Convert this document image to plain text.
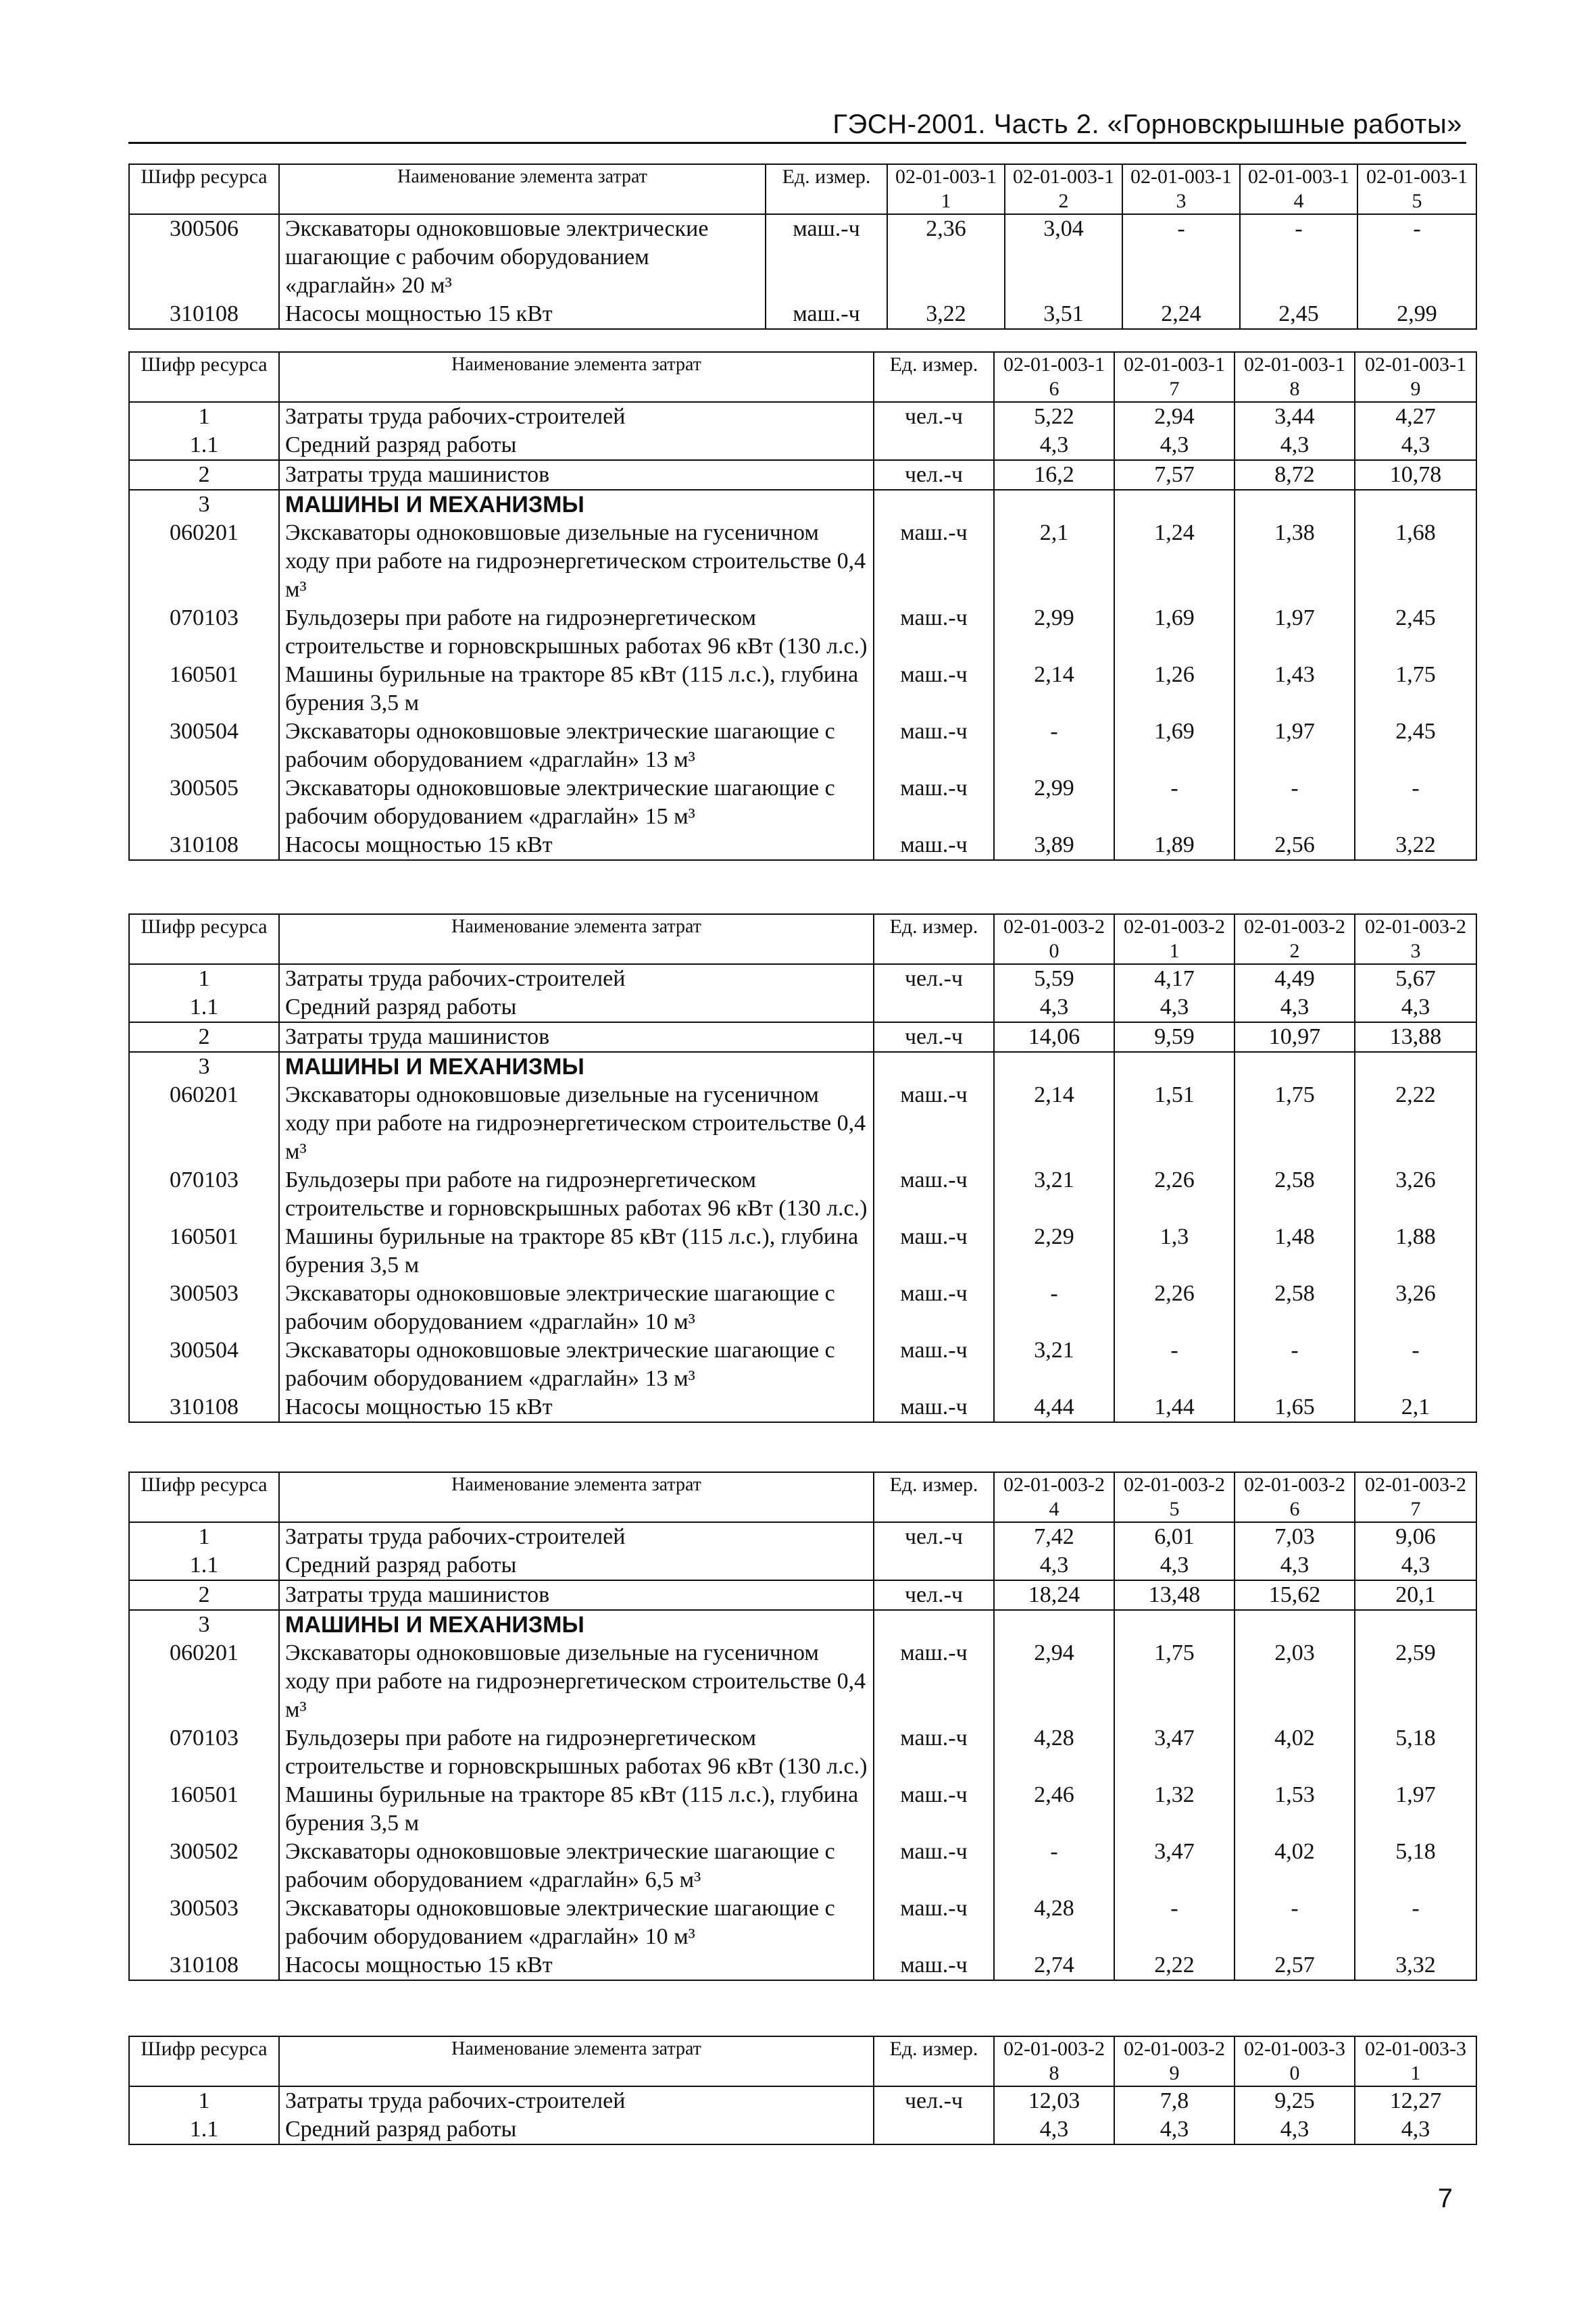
ГЭСН-2001. Часть 2. «Горновскрышные работы»
Шифр ресурса	Наименование элемента затрат	Ед. измер.	02-01-003-11	02-01-003-12	02-01-003-13	02-01-003-14	02-01-003-15
300506	Экскаваторы одноковшовые электрические шагающие с рабочим оборудованием «драглайн» 20 м³	маш.-ч	2,36	3,04	-	-	-
310108	Насосы мощностью 15 кВт	маш.-ч	3,22	3,51	2,24	2,45	2,99
Шифр ресурса	Наименование элемента затрат	Ед. измер.	02-01-003-16	02-01-003-17	02-01-003-18	02-01-003-19
1	Затраты труда рабочих-строителей	чел.-ч	5,22	2,94	3,44	4,27
1.1	Средний разряд работы		4,3	4,3	4,3	4,3
2	Затраты труда машинистов	чел.-ч	16,2	7,57	8,72	10,78
3	МАШИНЫ И МЕХАНИЗМЫ					
060201	Экскаваторы одноковшовые дизельные на гусеничном ходу при работе на гидроэнергетическом строительстве 0,4 м³	маш.-ч	2,1	1,24	1,38	1,68
070103	Бульдозеры при работе на гидроэнергетическом строительстве и горновскрышных работах 96 кВт (130 л.с.)	маш.-ч	2,99	1,69	1,97	2,45
160501	Машины бурильные на тракторе 85 кВт (115 л.с.), глубина бурения 3,5 м	маш.-ч	2,14	1,26	1,43	1,75
300504	Экскаваторы одноковшовые электрические шагающие с рабочим оборудованием «драглайн» 13 м³	маш.-ч	-	1,69	1,97	2,45
300505	Экскаваторы одноковшовые электрические шагающие с рабочим оборудованием «драглайн» 15 м³	маш.-ч	2,99	-	-	-
310108	Насосы мощностью 15 кВт	маш.-ч	3,89	1,89	2,56	3,22
Шифр ресурса	Наименование элемента затрат	Ед. измер.	02-01-003-20	02-01-003-21	02-01-003-22	02-01-003-23
1	Затраты труда рабочих-строителей	чел.-ч	5,59	4,17	4,49	5,67
1.1	Средний разряд работы		4,3	4,3	4,3	4,3
2	Затраты труда машинистов	чел.-ч	14,06	9,59	10,97	13,88
3	МАШИНЫ И МЕХАНИЗМЫ					
060201	Экскаваторы одноковшовые дизельные на гусеничном ходу при работе на гидроэнергетическом строительстве 0,4 м³	маш.-ч	2,14	1,51	1,75	2,22
070103	Бульдозеры при работе на гидроэнергетическом строительстве и горновскрышных работах 96 кВт (130 л.с.)	маш.-ч	3,21	2,26	2,58	3,26
160501	Машины бурильные на тракторе 85 кВт (115 л.с.), глубина бурения 3,5 м	маш.-ч	2,29	1,3	1,48	1,88
300503	Экскаваторы одноковшовые электрические шагающие с рабочим оборудованием «драглайн» 10 м³	маш.-ч	-	2,26	2,58	3,26
300504	Экскаваторы одноковшовые электрические шагающие с рабочим оборудованием «драглайн» 13 м³	маш.-ч	3,21	-	-	-
310108	Насосы мощностью 15 кВт	маш.-ч	4,44	1,44	1,65	2,1
Шифр ресурса	Наименование элемента затрат	Ед. измер.	02-01-003-24	02-01-003-25	02-01-003-26	02-01-003-27
1	Затраты труда рабочих-строителей	чел.-ч	7,42	6,01	7,03	9,06
1.1	Средний разряд работы		4,3	4,3	4,3	4,3
2	Затраты труда машинистов	чел.-ч	18,24	13,48	15,62	20,1
3	МАШИНЫ И МЕХАНИЗМЫ					
060201	Экскаваторы одноковшовые дизельные на гусеничном ходу при работе на гидроэнергетическом строительстве 0,4 м³	маш.-ч	2,94	1,75	2,03	2,59
070103	Бульдозеры при работе на гидроэнергетическом строительстве и горновскрышных работах 96 кВт (130 л.с.)	маш.-ч	4,28	3,47	4,02	5,18
160501	Машины бурильные на тракторе 85 кВт (115 л.с.), глубина бурения 3,5 м	маш.-ч	2,46	1,32	1,53	1,97
300502	Экскаваторы одноковшовые электрические шагающие с рабочим оборудованием «драглайн» 6,5 м³	маш.-ч	-	3,47	4,02	5,18
300503	Экскаваторы одноковшовые электрические шагающие с рабочим оборудованием «драглайн» 10 м³	маш.-ч	4,28	-	-	-
310108	Насосы мощностью 15 кВт	маш.-ч	2,74	2,22	2,57	3,32
Шифр ресурса	Наименование элемента затрат	Ед. измер.	02-01-003-28	02-01-003-29	02-01-003-30	02-01-003-31
1	Затраты труда рабочих-строителей	чел.-ч	12,03	7,8	9,25	12,27
1.1	Средний разряд работы		4,3	4,3	4,3	4,3
7
